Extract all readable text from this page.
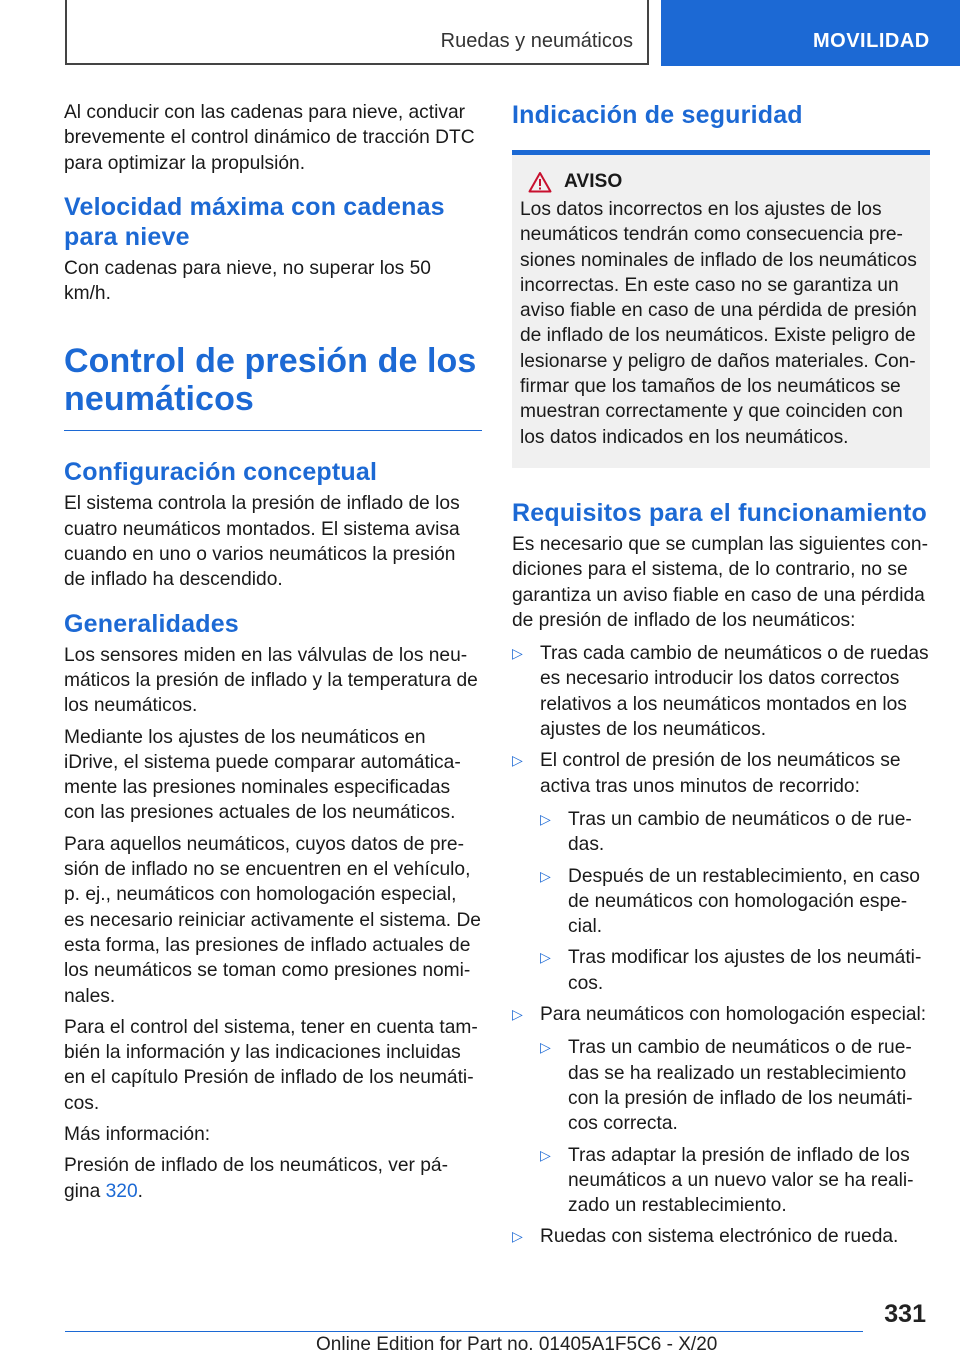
Ruedas y neumáticos	MOVILIDAD

Al conducir con las cadenas para nieve, activar brevemente el control dinámico de tracción DTC para optimizar la propulsión.

Velocidad máxima con cadenas para nieve

Con cadenas para nieve, no superar los 50 km/h.

Control de presión de los neumáticos
Configuración conceptual

El sistema controla la presión de inflado de los cuatro neumáticos montados. El sistema avisa cuando en uno o varios neumáticos la presión de inflado ha descendido.

Generalidades

Los sensores miden en las válvulas de los neu‐máticos la presión de inflado y la temperatura de los neumáticos.

Mediante los ajustes de los neumáticos en iDrive, el sistema puede comparar automática‐mente las presiones nominales especificadas con las presiones actuales de los neumáticos.

Para aquellos neumáticos, cuyos datos de pre‐sión de inflado no se encuentren en el vehículo, p. ej., neumáticos con homologación especial, es necesario reiniciar activamente el sistema. De esta forma, las presiones de inflado actuales de los neumáticos se toman como presiones nomi‐nales.

Para el control del sistema, tener en cuenta tam‐bién la información y las indicaciones incluidas en el capítulo Presión de inflado de los neumáti‐cos.

Más información:

Presión de inflado de los neumáticos, ver pá‐gina 320.

Indicación de seguridad
AVISO

Los datos incorrectos en los ajustes de los neumáticos tendrán como consecuencia pre‐siones nominales de inflado de los neumáticos incorrectas. En este caso no se garantiza un aviso fiable en caso de una pérdida de presión de inflado de los neumáticos. Existe peligro de lesionarse y peligro de daños materiales. Con‐firmar que los tamaños de los neumáticos se muestran correctamente y que coinciden con los datos indicados en los neumáticos.

Requisitos para el funcionamiento

Es necesario que se cumplan las siguientes con‐diciones para el sistema, de lo contrario, no se garantiza un aviso fiable en caso de una pérdida de presión de inflado de los neumáticos:

▷ Tras cada cambio de neumáticos o de ruedas es necesario introducir los datos correctos relativos a los neumáticos montados en los ajustes de los neumáticos.
▷ El control de presión de los neumáticos se activa tras unos minutos de recorrido:
▷ Tras un cambio de neumáticos o de rue‐das.
▷ Después de un restablecimiento, en caso de neumáticos con homologación espe‐cial.
▷ Tras modificar los ajustes de los neumáti‐cos.
▷ Para neumáticos con homologación especial:
▷ Tras un cambio de neumáticos o de rue‐das se ha realizado un restablecimiento con la presión de inflado de los neumáti‐cos correcta.
▷ Tras adaptar la presión de inflado de los neumáticos a un nuevo valor se ha reali‐zado un restablecimiento.
▷ Ruedas con sistema electrónico de rueda.
331
Online Edition for Part no. 01405A1F5C6 - X/20
